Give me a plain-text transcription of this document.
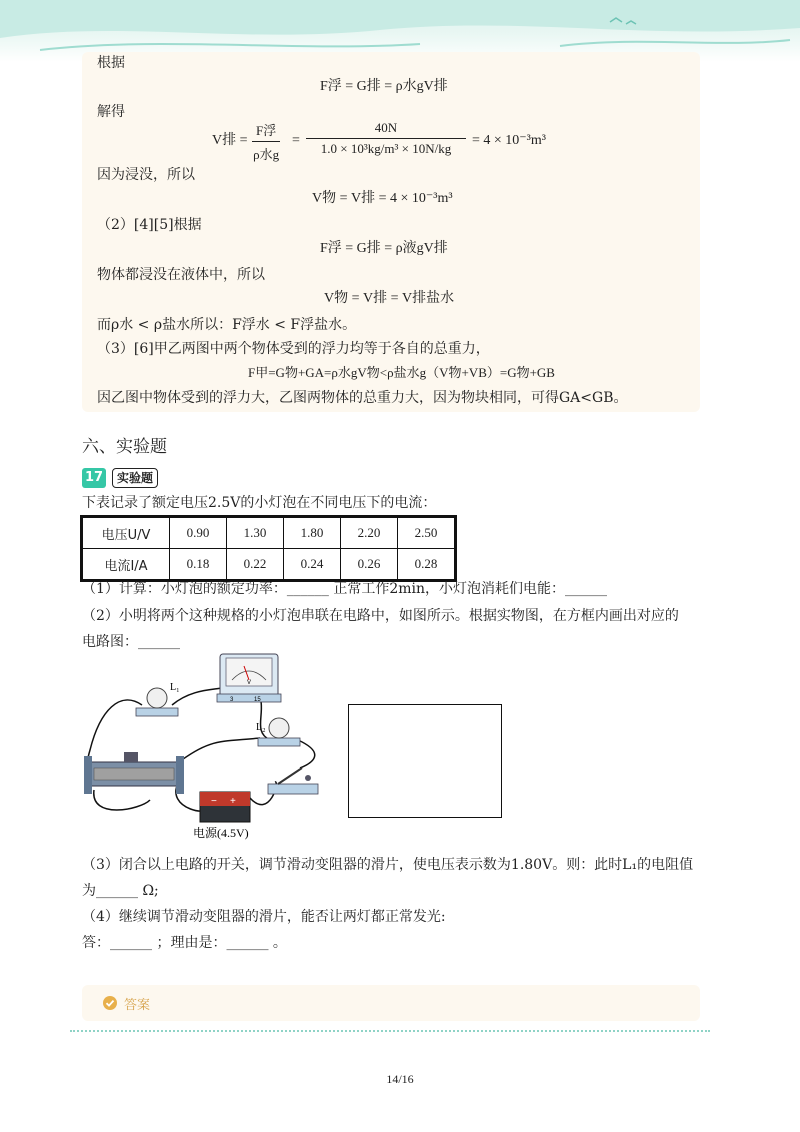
根据
F浮 = G排 = ρ水gV排
解得
V排 =
F浮
ρ水g
= $\frac{40N}{\text{1.0 × 10³kg/m³ × 10N/kg}} = 4 \times 10^{-3}m^3$
因为浸没，所以
V物 = V排 = 4 × 10⁻³m³
（2）[4][5]根据
F浮 = G排 = ρ液gV排
物体都浸没在液体中，所以
V物 = V排 = V排盐水
而ρ水 < ρ盐水所以：F浮水 < F浮盐水。
（3）[6]甲乙两图中两个物体受到的浮力均等于各自的总重力，
F甲=G物+GA=ρ水gV物<ρ盐水g（V物+VB）=G物+GB
因乙图中物体受到的浮力大，乙图两物体的总重力大，因为物块相同，可得GA<GB。
六、实验题
17	实验题
下表记录了额定电压2.5V的小灯泡在不同电压下的电流：
电压U/V	0.90	1.30	1.80	2.20	2.50
电流I/A	0.18	0.22	0.24	0.26	0.28
（1）计算：小灯泡的额定功率：______ 正常工作2min，小灯泡消耗们电能：______
（2）小明将两个这种规格的小灯泡串联在电路中，如图所示。根据实物图，在方框内画出对应的
电路图：______
V
3	15
L₁
L₂
− +
电源(4.5V)
（3）闭合以上电路的开关，调节滑动变阻器的滑片，使电压表示数为1.80V。则：此时L₁的电阻值
为______ Ω;
（4）继续调节滑动变阻器的滑片，能否让两灯都正常发光:
答：______ ；理由是：______ 。
答案
14/16
